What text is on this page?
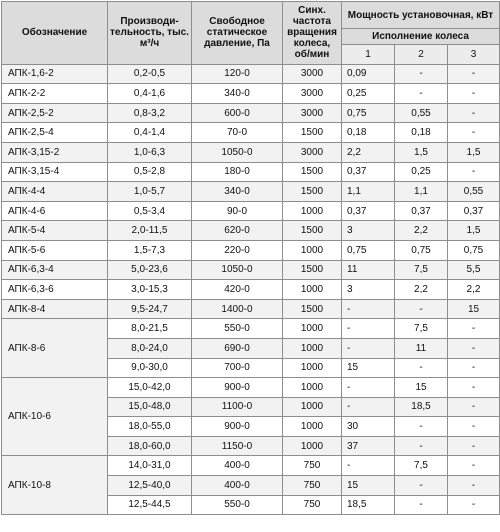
Обозначение	Производи-тельность, тыс. м³/ч	Свободное статическое давление, Па	Синх. частота вращения колеса, об/мин	Мощность установочная, кВт		
				Исполнение колеса		
				1	2	3
АПК-1,6-2	0,2-0,5	120-0	3000	0,09	-	-
АПК-2-2	0,4-1,6	340-0	3000	0,25	-	-
АПК-2,5-2	0,8-3,2	600-0	3000	0,75	0,55	-
АПК-2,5-4	0,4-1,4	70-0	1500	0,18	0,18	-
АПК-3,15-2	1,0-6,3	1050-0	3000	2,2	1,5	1,5
АПК-3,15-4	0,5-2,8	180-0	1500	0,37	0,25	-
АПК-4-4	1,0-5,7	340-0	1500	1,1	1,1	0,55
АПК-4-6	0,5-3,4	90-0	1000	0,37	0,37	0,37
АПК-5-4	2,0-11,5	620-0	1500	3	2,2	1,5
АПК-5-6	1,5-7,3	220-0	1000	0,75	0,75	0,75
АПК-6,3-4	5,0-23,6	1050-0	1500	11	7,5	5,5
АПК-6,3-6	3,0-15,3	420-0	1000	3	2,2	2,2
АПК-8-4	9,5-24,7	1400-0	1500	-	-	15
АПК-8-6	8,0-21,5	550-0	1000	-	7,5	-
	8,0-24,0	690-0	1000	-	11	-
	9,0-30,0	700-0	1000	15	-	-
АПК-10-6	15,0-42,0	900-0	1000	-	15	-
	15,0-48,0	1100-0	1000	-	18,5	-
	18,0-55,0	900-0	1000	30	-	-
	18,0-60,0	1150-0	1000	37	-	-
АПК-10-8	14,0-31,0	400-0	750	-	7,5	-
	12,5-40,0	400-0	750	15	-	-
	12,5-44,5	550-0	750	18,5	-	-
